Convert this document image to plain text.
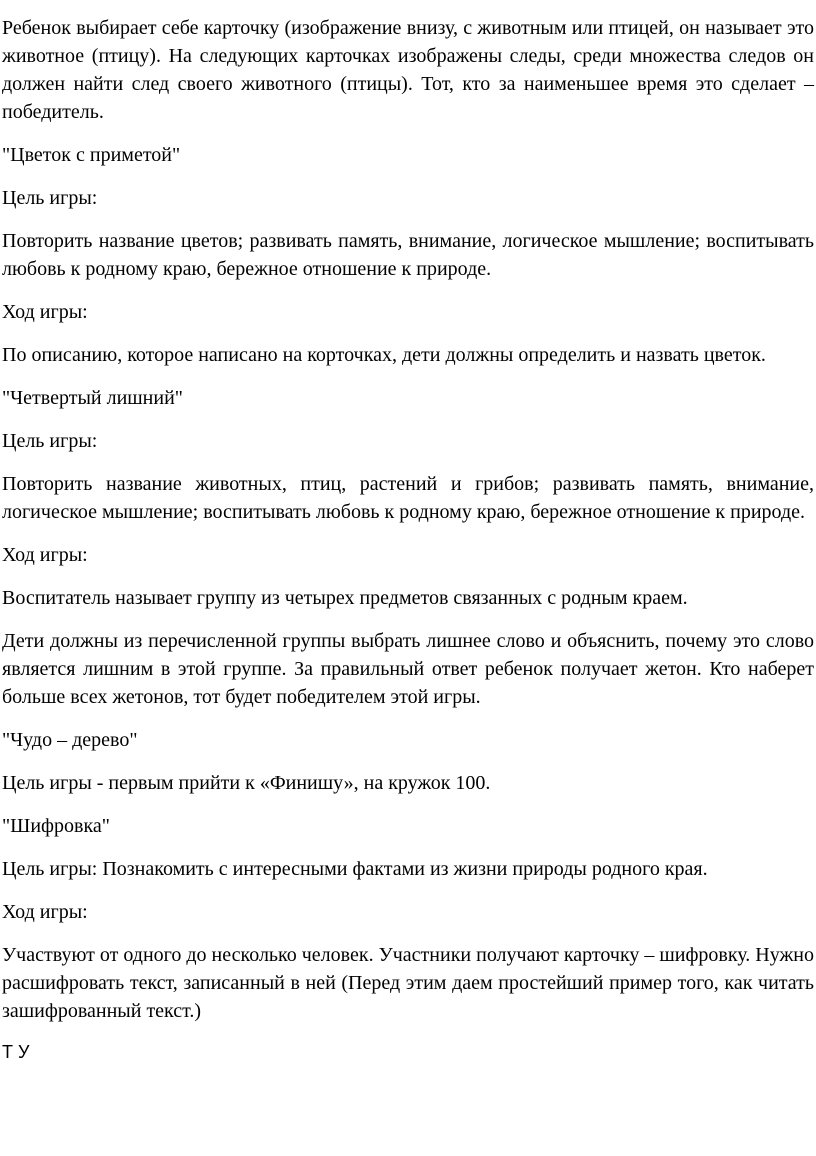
Ребенок выбирает себе карточку (изображение внизу, с животным или птицей, он называет это животное (птицу). На следующих карточках изображены следы, среди множества следов он должен найти след своего животного (птицы). Тот, кто за наименьшее время это сделает – победитель.

"Цветок с приметой"

Цель игры:

Повторить название цветов; развивать память, внимание, логическое мышление; воспитывать любовь к родному краю, бережное отношение к природе.

Ход игры:

По описанию, которое написано на корточках, дети должны определить и назвать цветок.

"Четвертый лишний"

Цель игры:

Повторить название животных, птиц, растений и грибов; развивать память, внимание, логическое мышление; воспитывать любовь к родному краю, бережное отношение к природе.

Ход игры:

Воспитатель называет группу из четырех предметов связанных с родным краем.

Дети должны из перечисленной группы выбрать лишнее слово и объяснить, почему это слово является лишним в этой группе. За правильный ответ ребенок получает жетон. Кто наберет больше всех жетонов, тот будет победителем этой игры.

"Чудо – дерево"

Цель игры - первым прийти к «Финишу», на кружок 100.

"Шифровка"

Цель игры: Познакомить с интересными фактами из жизни природы родного края.

Ход игры:

Участвуют от одного до несколько человек. Участники получают карточку – шифровку. Нужно расшифровать текст, записанный в ней (Перед этим даем простейший пример того, как читать зашифрованный текст.)

Т У
